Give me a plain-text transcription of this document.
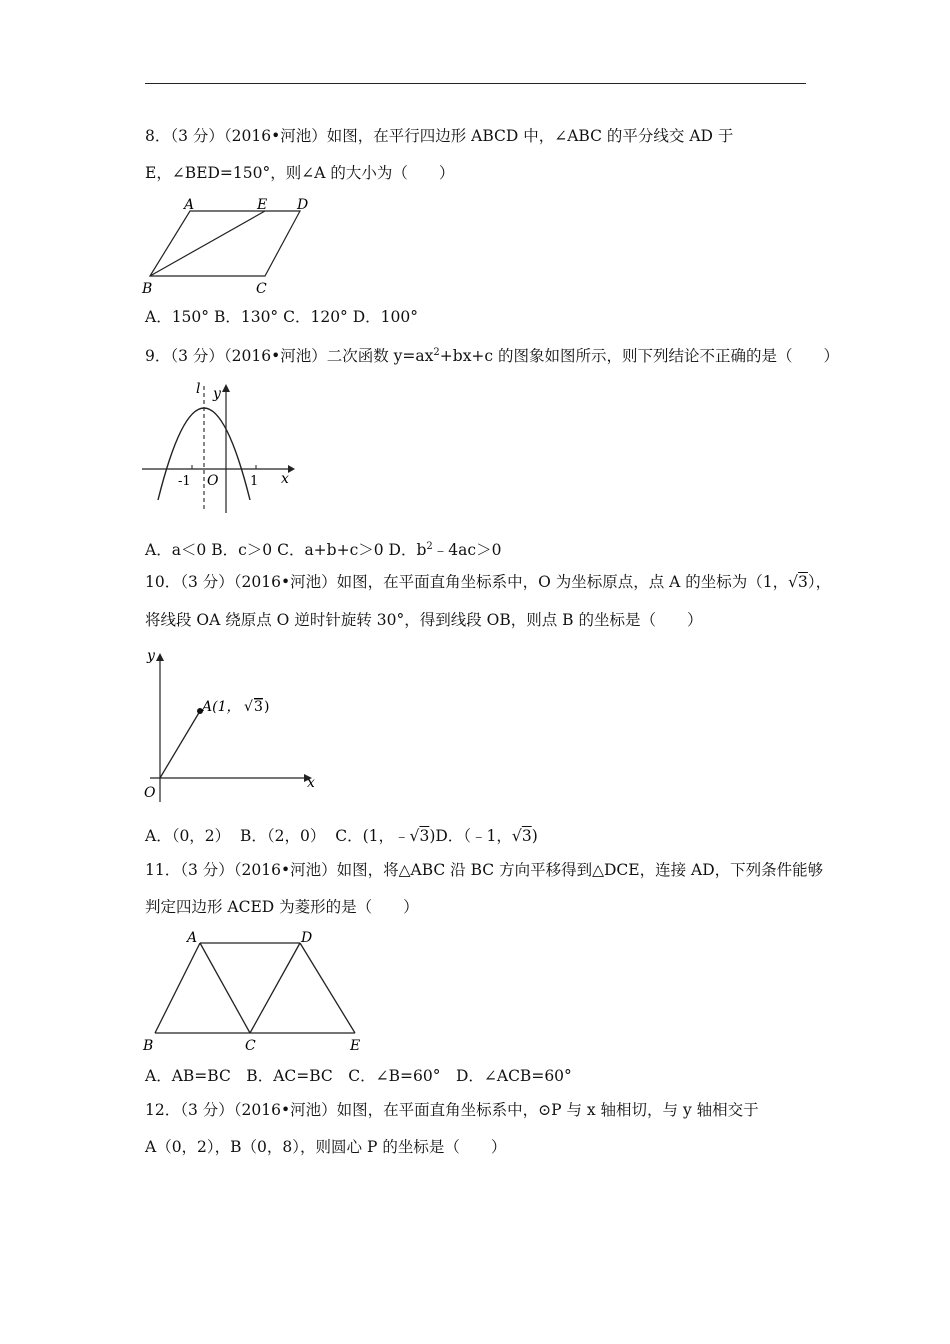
8．（3 分）（2016•河池）如图，在平行四边形 ABCD 中，∠ABC 的平分线交 AD 于
E，∠BED=150°，则∠A 的大小为（　　）
A	E D
B	C
A．150° B．130° C．120° D．100°
9．（3 分）（2016•河池）二次函数 $y=ax^2+bx+c$ 的图象如图所示，则下列结论不正确的是（　　）
l y
x
O
-1	1
A．a＜0 B．c＞0 C．a+b+c＞0 D．$b^2﹣4ac>0$
10．（3 分）（2016•河池）如图，在平面直角坐标系中，O 为坐标原点，点 A 的坐标为（1，√3），
将线段 OA 绕原点 O 逆时针旋转 30°，得到线段 OB，则点 B 的坐标是（　　）
y
x
O
A(1， √ 3 )
A．（0，2） B．（2，0） C．(1，﹣√3)D．（﹣1，√3)
11．（3 分）（2016•河池）如图，将△ABC 沿 BC 方向平移得到△DCE，连接 AD，下列条件能够
判定四边形 ACED 为菱形的是（　　）
A	D
B	C	E
A．AB=BC　B．AC=BC　C．∠B=60°　D．∠ACB=60°
12．（3 分）（2016•河池）如图，在平面直角坐标系中，⊙P 与 x 轴相切，与 y 轴相交于
A（0，2），B（0，8），则圆心 P 的坐标是（　　）
